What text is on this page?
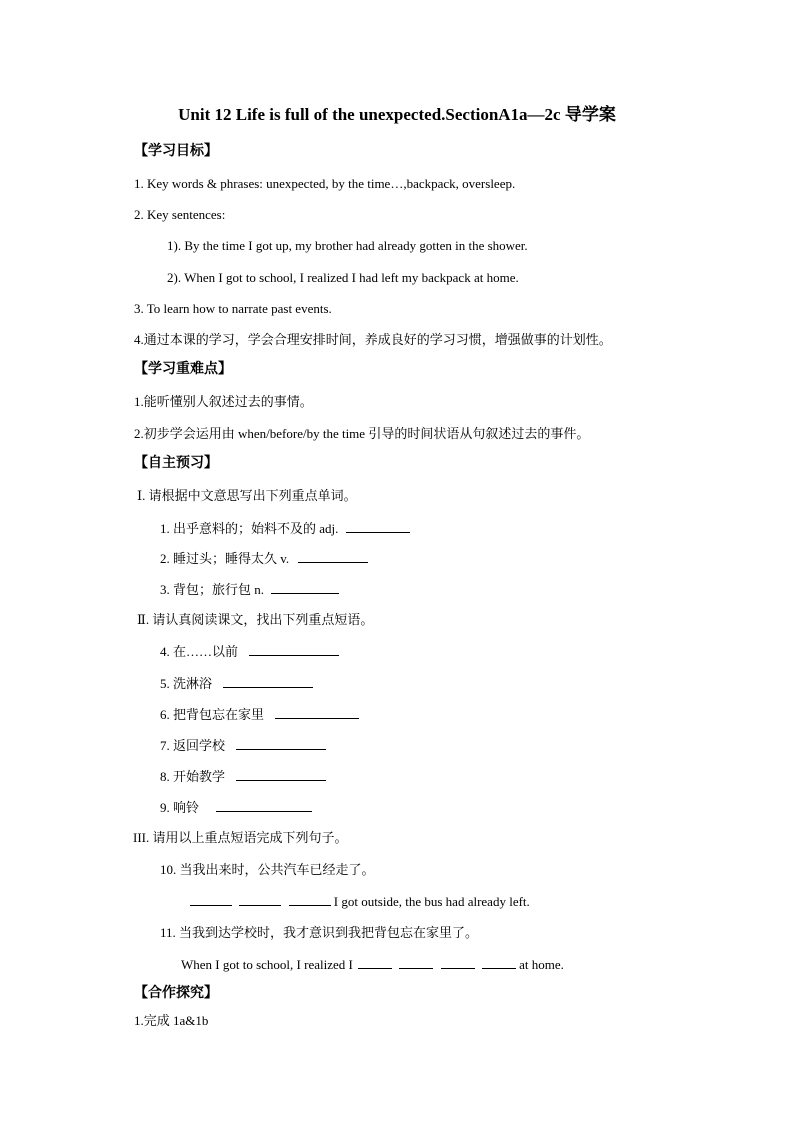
Unit 12 Life is full of the unexpected.SectionA1a—2c 导学案
【学习目标】
1. Key words & phrases: unexpected, by the time…,backpack, oversleep.
2. Key sentences:
1). By the time I got up, my brother had already gotten in the shower.
2). When I got to school, I realized I had left my backpack at home.
3. To learn how to narrate past events.
4.通过本课的学习，学会合理安排时间，养成良好的学习习惯，增强做事的计划性。
【学习重难点】
1.能听懂别人叙述过去的事情。
2.初步学会运用由 when/before/by the time 引导的时间状语从句叙述过去的事件。
【自主预习】
Ⅰ. 请根据中文意思写出下列重点单词。
1. 出乎意料的；始料不及的 adj.
2. 睡过头；睡得太久 v.
3. 背包；旅行包 n.
Ⅱ. 请认真阅读课文，找出下列重点短语。
4. 在……以前
5. 洗淋浴
6. 把背包忘在家里
7. 返回学校
8. 开始教学
9. 响铃
III. 请用以上重点短语完成下列句子。
10. 当我出来时，公共汽车已经走了。
I got outside, the bus had already left.
11. 当我到达学校时，我才意识到我把背包忘在家里了。
When I got to school, I realized I	at home.
【合作探究】
1.完成 1a&1b
